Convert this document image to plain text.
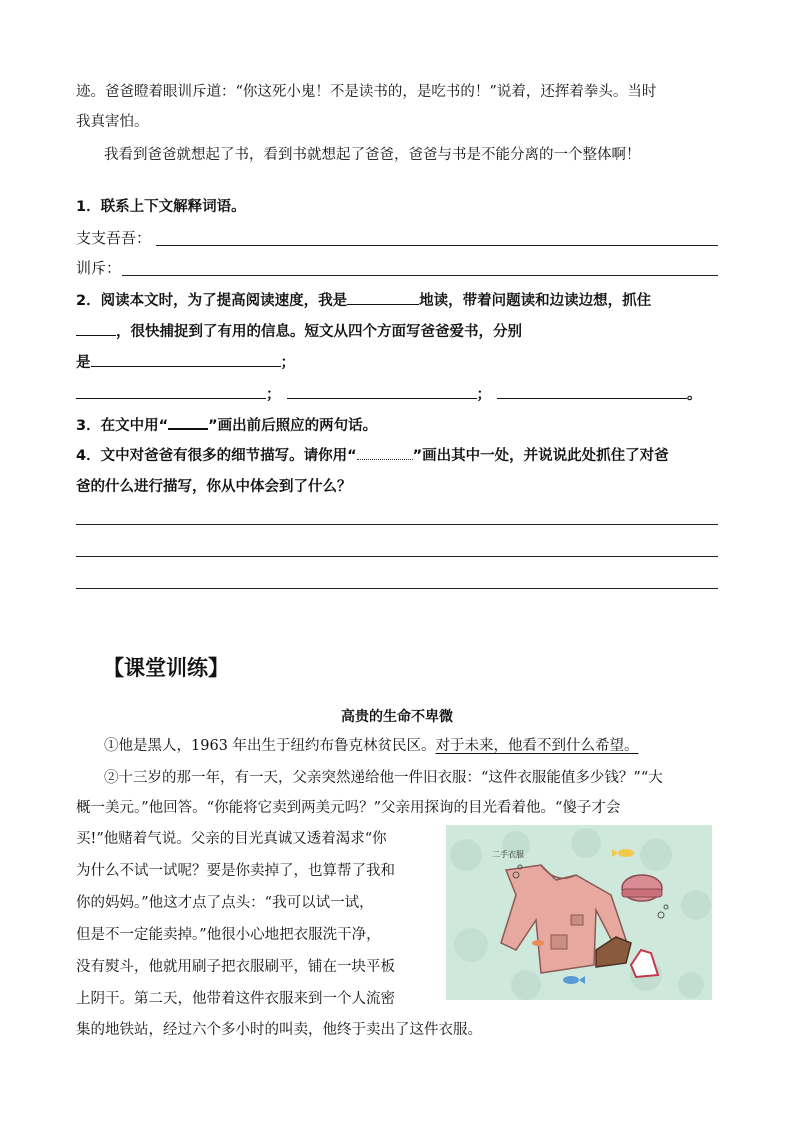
迹。爸爸瞪着眼训斥道：“你这死小鬼！不是读书的，是吃书的！”说着，还挥着拳头。当时
我真害怕。
我看到爸爸就想起了书，看到书就想起了爸爸，爸爸与书是不能分离的一个整体啊！
1．联系上下文解释词语。
支支吾吾：
训斥：
2．阅读本文时，为了提高阅读速度，我是	地读，带着问题读和边读边想，抓住
，很快捕捉到了有用的信息。短文从四个方面写爸爸爱书，分别
是	；
；	；	。
3．在文中用“	”画出前后照应的两句话。
4．文中对爸爸有很多的细节描写。请你用“	”画出其中一处，并说说此处抓住了对爸
爸的什么进行描写，你从中体会到了什么？
【课堂训练】
高贵的生命不卑微
①他是黑人，1963 年出生于纽约布鲁克林贫民区。对于未来，他看不到什么希望。
②十三岁的那一年，有一天，父亲突然递给他一件旧衣服：“这件衣服能值多少钱？”“大
概一美元。”他回答。“你能将它卖到两美元吗？”父亲用探询的目光看着他。“傻子才会
买!”他赌着气说。父亲的目光真诚又透着渴求“你
为什么不试一试呢？要是你卖掉了，也算帮了我和
你的妈妈。”他这才点了点头：“我可以试一试，
但是不一定能卖掉。”他很小心地把衣服洗干净，
没有熨斗，他就用刷子把衣服刷平，铺在一块平板
上阴干。第二天，他带着这件衣服来到一个人流密
集的地铁站，经过六个多小时的叫卖，他终于卖出了这件衣服。
二手衣服
